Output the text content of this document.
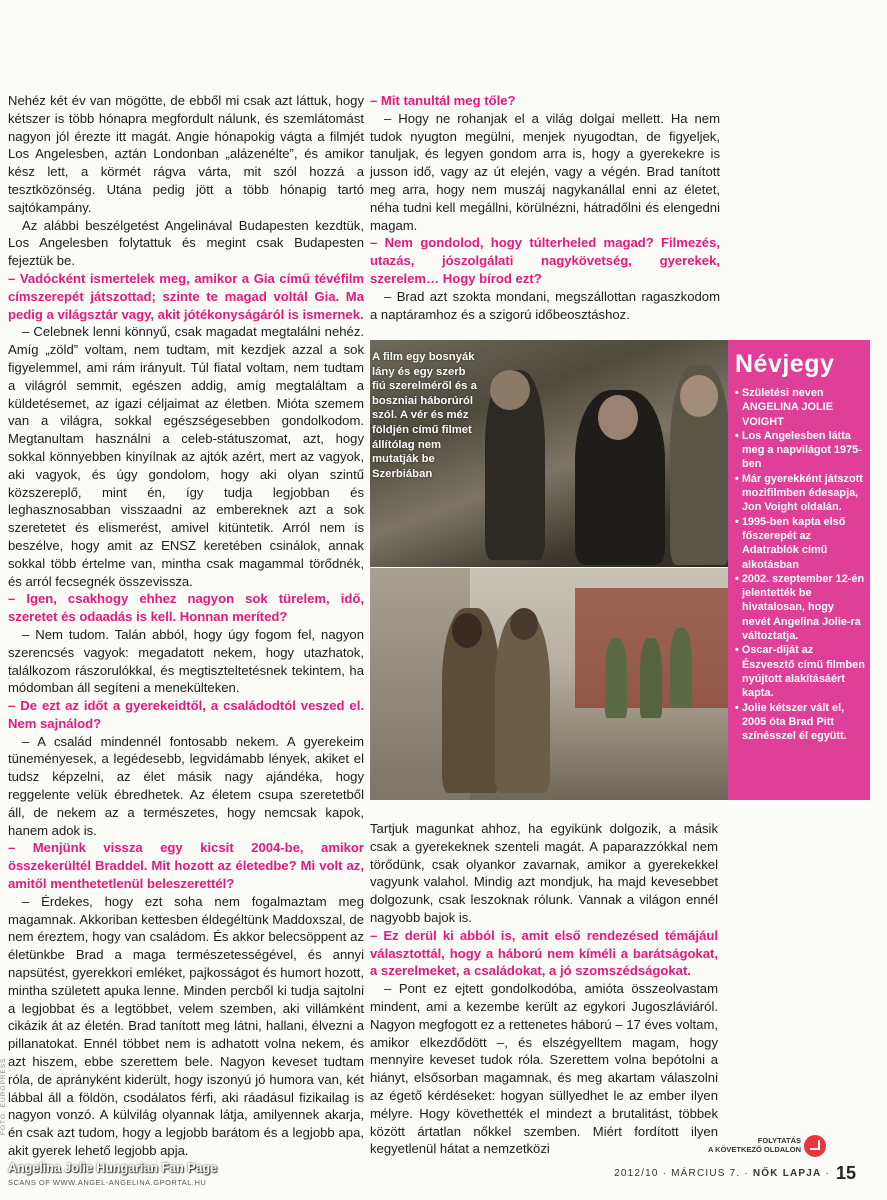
Nehéz két év van mögötte, de ebből mi csak azt láttuk, hogy kétszer is több hónapra megfordult nálunk, és szemlátomást nagyon jól érezte itt magát. Angie hónapokig vágta a filmjét Los Angelesben, aztán Londonban „alázenélte”, és amikor kész lett, a körmét rágva várta, mit szól hozzá a tesztközönség. Utána pedig jött a több hónapig tartó sajtókampány.

Az alábbi beszélgetést Angelinával Budapesten kezdtük, Los Angelesben folytattuk és megint csak Budapesten fejeztük be.

– Vadócként ismertelek meg, amikor a Gia című tévéfilm címszerepét játszottad; szinte te magad voltál Gia. Ma pedig a világsztár vagy, akit jótékonyságáról is ismernek.

– Celebnek lenni könnyű, csak magadat megtalálni nehéz. Amíg „zöld” voltam, nem tudtam, mit kezdjek azzal a sok figyelemmel, ami rám irányult. Túl fiatal voltam, nem tudtam a világról semmit, egészen addig, amíg megtaláltam a küldetésemet, az igazi céljaimat az életben. Mióta szemem van a világra, sokkal egészségesebben gondolkodom. Megtanultam használni a celeb-státuszomat, azt, hogy sokkal könnyebben kinyílnak az ajtók azért, mert az vagyok, aki vagyok, és úgy gondolom, hogy aki olyan szintű közszereplő, mint én, így tudja legjobban és leghasznosabban visszaadni az embereknek azt a sok szeretetet és elismerést, amivel kitüntetik. Arról nem is beszélve, hogy amit az ENSZ keretében csinálok, annak sokkal több értelme van, mintha csak magammal törődnék, és arról fecsegnék összevissza.

– Igen, csakhogy ehhez nagyon sok türelem, idő, szeretet és odaadás is kell. Honnan meríted?

– Nem tudom. Talán abból, hogy úgy fogom fel, nagyon szerencsés vagyok: megadatott nekem, hogy utazhatok, találkozom rászorulókkal, és megtiszteltetésnek tekintem, ha módomban áll segíteni a menekülteken.

– De ezt az időt a gyerekeidtől, a családodtól veszed el. Nem sajnálod?

– A család mindennél fontosabb nekem. A gyerekeim tüneményesek, a legédesebb, legvidámabb lények, akiket el tudsz képzelni, az élet másik nagy ajándéka, hogy reggelente velük ébredhetek. Az életem csupa szeretetből áll, de nekem az a természetes, hogy nemcsak kapok, hanem adok is.

– Menjünk vissza egy kicsit 2004-be, amikor összekerültél Braddel. Mit hozott az életedbe? Mi volt az, amitől menthetetlenül beleszerettél?

– Érdekes, hogy ezt soha nem fogalmaztam meg magamnak. Akkoriban kettesben éldegéltünk Maddoxszal, de nem éreztem, hogy van családom. És akkor belecsöppent az életünkbe Brad a maga természetességével, és annyi napsütést, gyerekkori emléket, pajkosságot és humort hozott, mintha született apuka lenne. Minden percből ki tudja sajtolni a legjobbat és a legtöbbet, velem szemben, aki villámként cikázik át az életén. Brad tanított meg látni, hallani, élvezni a pillanatokat. Ennél többet nem is adhatott volna nekem, és azt hiszem, ebbe szerettem bele. Nagyon keveset tudtam róla, de aprányként kiderült, hogy iszonyú jó humora van, két lábbal áll a földön, csodálatos férfi, aki ráadásul fizikailag is nagyon vonzó. A külvilág olyannak látja, amilyennek akarja, én csak azt tudom, hogy a legjobb barátom és a legjobb apa, akit gyerek lehető legjobb apja.

– Mit tanultál meg tőle?

– Hogy ne rohanjak el a világ dolgai mellett. Ha nem tudok nyugton megülni, menjek nyugodtan, de figyeljek, tanuljak, és legyen gondom arra is, hogy a gyerekekre is jusson idő, vagy az út elején, vagy a végén. Brad tanított meg arra, hogy nem muszáj nagykanállal enni az életet, néha tudni kell megállni, körülnézni, hátradőlni és elengedni magam.

– Nem gondolod, hogy túlterheled magad? Filmezés, utazás, jószolgálati nagykövetség, gyerekek, szerelem… Hogy bírod ezt?

– Brad azt szokta mondani, megszállottan ragaszkodom a naptáramhoz és a szigorú időbeosztáshoz.

A film egy bosnyák lány és egy szerb fiú szerelméről és a boszniai háborúról szól. A vér és méz földjén című filmet állítólag nem mutatják be Szerbiában
Névjegy
• Születési neven ANGELINA JOLIE VOIGHT
• Los Angelesben látta meg a napvilágot 1975-ben
• Már gyerekként játszott mozifilmben édesapja, Jon Voight oldalán.
• 1995-ben kapta első főszerepét az Adatrablók című alkotásban
• 2002. szeptember 12-én jelentették be hivatalosan, hogy nevét Angelina Jolie-ra változtatja.
• Oscar-díját az Észvesztő című filmben nyújtott alakításáért kapta.
• Jolie kétszer vált el, 2005 óta Brad Pitt színésszel él együtt.

Tartjuk magunkat ahhoz, ha egyikünk dolgozik, a másik csak a gyerekeknek szenteli magát. A paparazzókkal nem törődünk, csak olyankor zavarnak, amikor a gyerekekkel vagyunk valahol. Mindig azt mondjuk, ha majd kevesebbet dolgozunk, csak leszoknak rólunk. Vannak a világon ennél nagyobb bajok is.

– Ez derül ki abból is, amit első rendezésed témájául választottál, hogy a háború nem kíméli a barátságokat, a szerelmeket, a családokat, a jó szomszédságokat.

– Pont ez ejtett gondolkodóba, amióta összeolvastam mindent, ami a kezembe került az egykori Jugoszláviáról. Nagyon megfogott ez a rettenetes háború – 17 éves voltam, amikor elkezdődött –, és elszégyelltem magam, hogy mennyire keveset tudok róla. Szerettem volna bepótolni a hiányt, elsősorban magamnak, és meg akartam válaszolni az égető kérdéseket: hogyan süllyedhet le az ember ilyen mélyre. Hogy követhették el mindezt a brutalitást, többek között ártatlan nőkkel szemben. Miért fordított ilyen kegyetlenül hátat a nemzetközi

FOTÓ: EUROPRESS
Angelina Jolie Hungarian Fan Page
SCANS OF WWW.ANGEL-ANGELINA.GPORTAL.HU
FOLYTATÁS
A KÖVETKEZŐ OLDALON
2012/10 · MÁRCIUS 7. · NŐK LAPJA · 15
